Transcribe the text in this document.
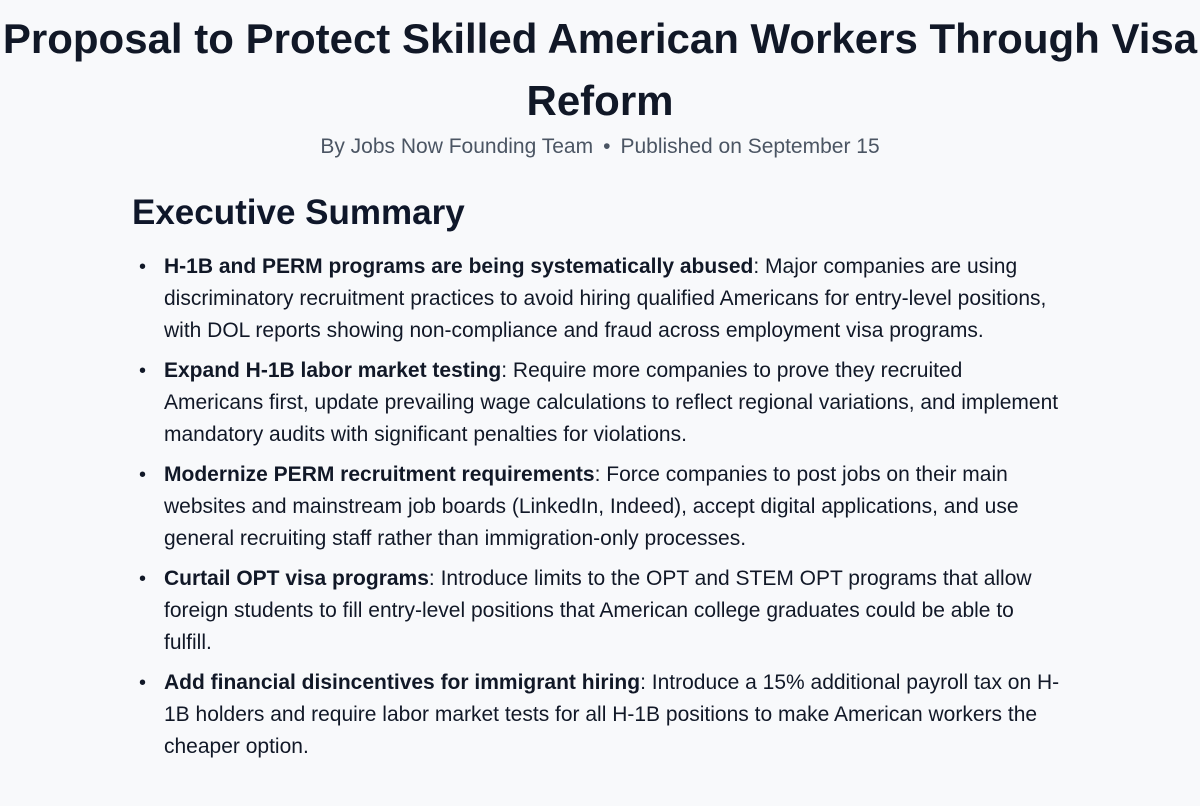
Proposal to Protect Skilled American Workers Through Visa Reform
By Jobs Now Founding Team • Published on September 15
Executive Summary
• H-1B and PERM programs are being systematically abused: Major companies are using discriminatory recruitment practices to avoid hiring qualified Americans for entry-level positions, with DOL reports showing non-compliance and fraud across employment visa programs.
• Expand H-1B labor market testing: Require more companies to prove they recruited Americans first, update prevailing wage calculations to reflect regional variations, and implement mandatory audits with significant penalties for violations.
• Modernize PERM recruitment requirements: Force companies to post jobs on their main websites and mainstream job boards (LinkedIn, Indeed), accept digital applications, and use general recruiting staff rather than immigration-only processes.
• Curtail OPT visa programs: Introduce limits to the OPT and STEM OPT programs that allow foreign students to fill entry-level positions that American college graduates could be able to fulfill.
• Add financial disincentives for immigrant hiring: Introduce a 15% additional payroll tax on H-1B holders and require labor market tests for all H-1B positions to make American workers the cheaper option.
